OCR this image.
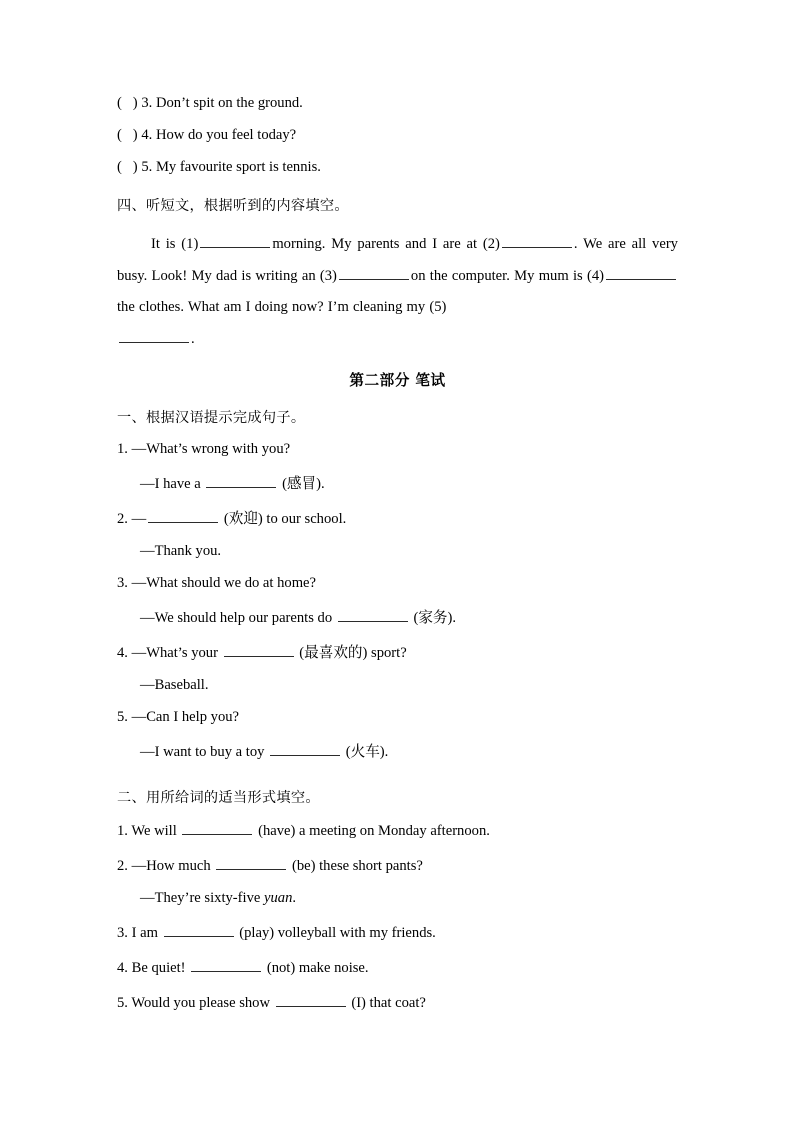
(   ) 3. Don’t spit on the ground.
(   ) 4. How do you feel today?
(   ) 5. My favourite sport is tennis.
四、听短文，根据听到的内容填空。

It is (1)	morning. My parents and I are at (2)	. We are all very busy. Look! My dad is writing an (3)	on the computer. My mum is (4)the clothes. What am I doing now? I’m cleaning my (5)
.

第二部分 笔试
一、根据汉语提示完成句子。
1. —What’s wrong with you?
—I have a	(感冒).
2. —	(欢迎) to our school.
—Thank you.
3. —What should we do at home?
—We should help our parents do	(家务).
4. —What’s your	(最喜欢的) sport?
—Baseball.
5. —Can I help you?
—I want to buy a toy	(火车).
二、用所给词的适当形式填空。
1. We will	(have) a meeting on Monday afternoon.
2. —How much	(be) these short pants?
—They’re sixty-five yuan.
3. I am	(play) volleyball with my friends.
4. Be quiet!	(not) make noise.
5. Would you please show	(I) that coat?
